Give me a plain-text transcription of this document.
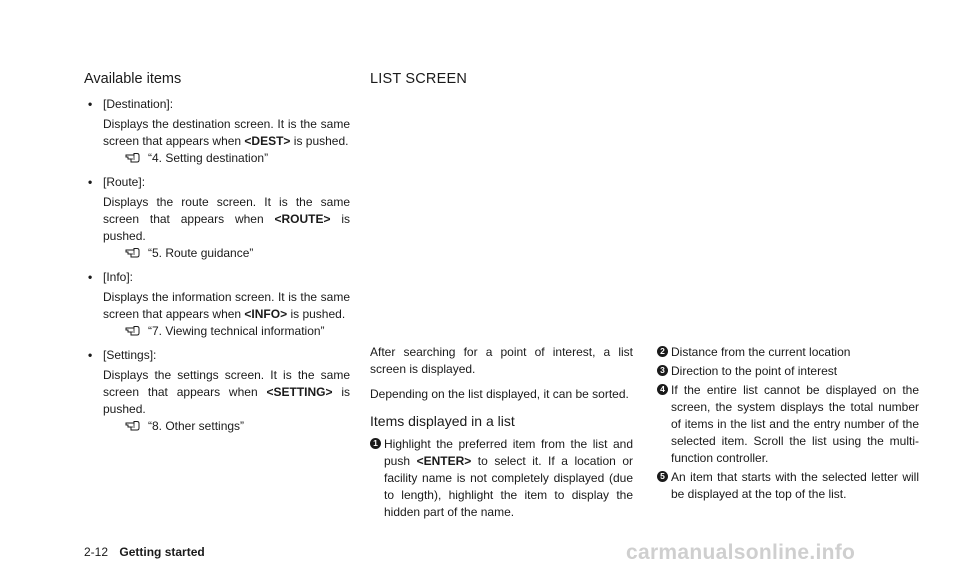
Available items	LIST SCREEN
• [Destination]:
Displays the destination screen. It is the same screen that appears when <DEST> is pushed.
“4. Setting destination”
• [Route]:
Displays the route screen. It is the same screen that appears when <ROUTE> is pushed.
“5. Route guidance”
• [Info]:
Displays the information screen. It is the same screen that appears when <INFO> is pushed.
“7. Viewing technical information”
• [Settings]:
Displays the settings screen. It is the same screen that appears when <SETTING> is pushed.
“8. Other settings”

After searching for a point of interest, a list screen is displayed.

Depending on the list displayed, it can be sorted.

Items displayed in a list
1 Highlight the preferred item from the list and push <ENTER> to select it. If a location or facility name is not completely displayed (due to length), highlight the item to display the hidden part of the name.
2 Distance from the current location
3 Direction to the point of interest
4 If the entire list cannot be displayed on the screen, the system displays the total number of items in the list and the entry number of the selected item. Scroll the list using the multi-function controller.
5 An item that starts with the selected letter will be displayed at the top of the list.
2-12 Getting started	carmanualsonline.info
